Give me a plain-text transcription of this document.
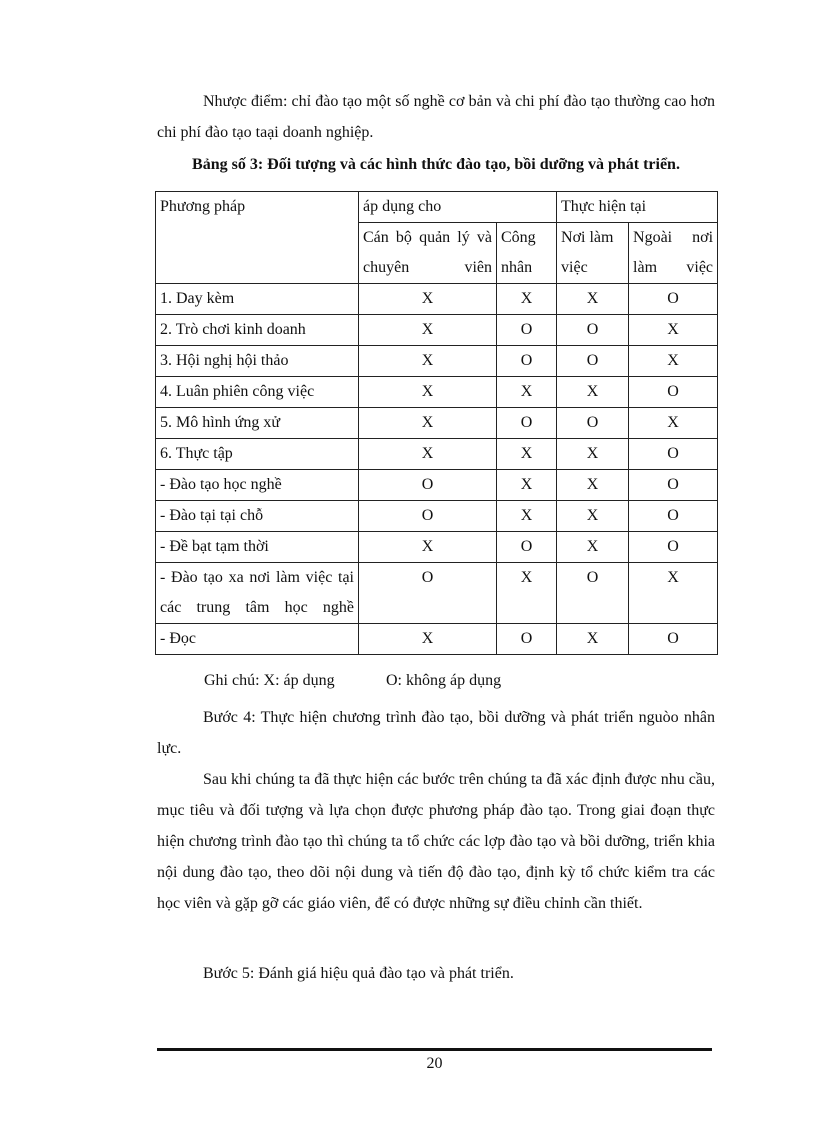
Nhược điểm: chỉ đào tạo một số nghề cơ bản và chi phí đào tạo thường cao hơn chi phí đào tạo taại doanh nghiệp.

Bảng số 3: Đối tượng và các hình thức đào tạo, bồi dưỡng và phát triển.

Phương pháp	áp dụng cho		Thực hiện tại	
	Cán bộ quản lý và chuyên viên	Công nhân	Nơi làm việc	Ngoài nơi làm việc
1. Day kèm	X	X	X	O
2. Trò chơi kinh doanh	X	O	O	X
3. Hội nghị hội thảo	X	O	O	X
4. Luân phiên công việc	X	X	X	O
5. Mô hình ứng xử	X	O	O	X
6. Thực tập	X	X	X	O
- Đào tạo học nghề	O	X	X	O
- Đào tại tại chỗ	O	X	X	O
- Đề bạt tạm thời	X	O	X	O
- Đào tạo xa nơi làm việc tại các trung tâm học nghề	O	X	O	X
- Đọc	X	O	X	O
Ghi chú: X: áp dụng	O: không áp dụng

Bước 4: Thực hiện chương trình đào tạo, bồi dưỡng và phát triển nguòo nhân lực.

Sau khi chúng ta đã thực hiện các bước trên chúng ta đã xác định được nhu cầu, mục tiêu và đối tượng và lựa chọn được phương pháp đào tạo. Trong giai đoạn thực hiện chương trình đào tạo thì chúng ta tổ chức các lợp đào tạo và bồi dưỡng, triển khia nội dung đào tạo, theo dõi nội dung và tiến độ đào tạo, định kỳ tổ chức kiểm tra các học viên và gặp gỡ các giáo viên, để có được những sự điều chỉnh cần thiết.

Bước 5: Đánh giá hiệu quả đào tạo và phát triển.

20
